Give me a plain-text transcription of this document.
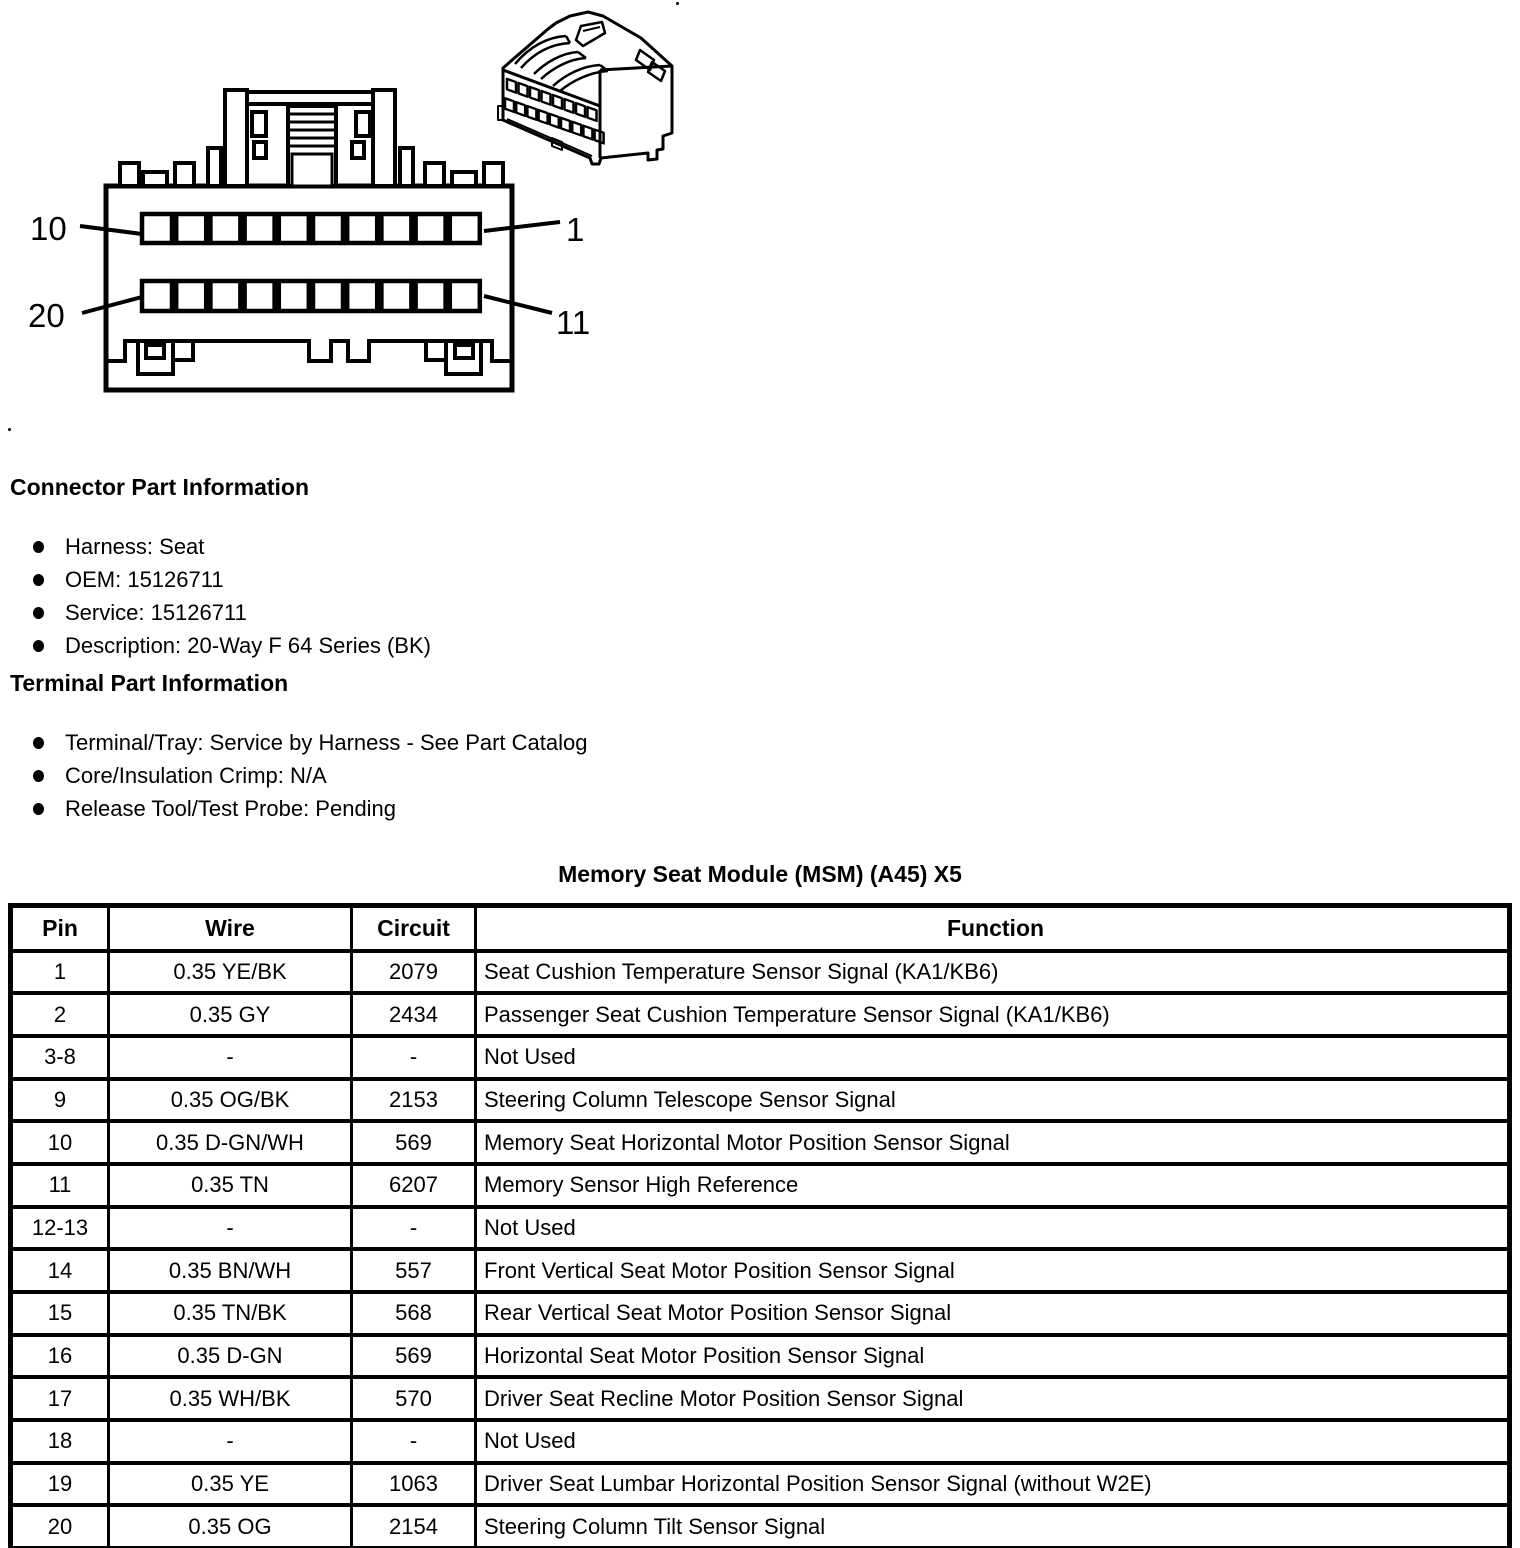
10	1
20	11
Connector Part Information
Harness: Seat
OEM: 15126711
Service: 15126711
Description: 20-Way F 64 Series (BK)
Terminal Part Information
Terminal/Tray: Service by Harness - See Part Catalog
Core/Insulation Crimp: N/A
Release Tool/Test Probe: Pending
Memory Seat Module (MSM) (A45) X5
Pin	Wire	Circuit	Function
1	0.35 YE/BK	2079	Seat Cushion Temperature Sensor Signal (KA1/KB6)
2	0.35 GY	2434	Passenger Seat Cushion Temperature Sensor Signal (KA1/KB6)
3-8	-	-	Not Used
9	0.35 OG/BK	2153	Steering Column Telescope Sensor Signal
10	0.35 D-GN/WH	569	Memory Seat Horizontal Motor Position Sensor Signal
11	0.35 TN	6207	Memory Sensor High Reference
12-13	-	-	Not Used
14	0.35 BN/WH	557	Front Vertical Seat Motor Position Sensor Signal
15	0.35 TN/BK	568	Rear Vertical Seat Motor Position Sensor Signal
16	0.35 D-GN	569	Horizontal Seat Motor Position Sensor Signal
17	0.35 WH/BK	570	Driver Seat Recline Motor Position Sensor Signal
18	-	-	Not Used
19	0.35 YE	1063	Driver Seat Lumbar Horizontal Position Sensor Signal (without W2E)
20	0.35 OG	2154	Steering Column Tilt Sensor Signal
